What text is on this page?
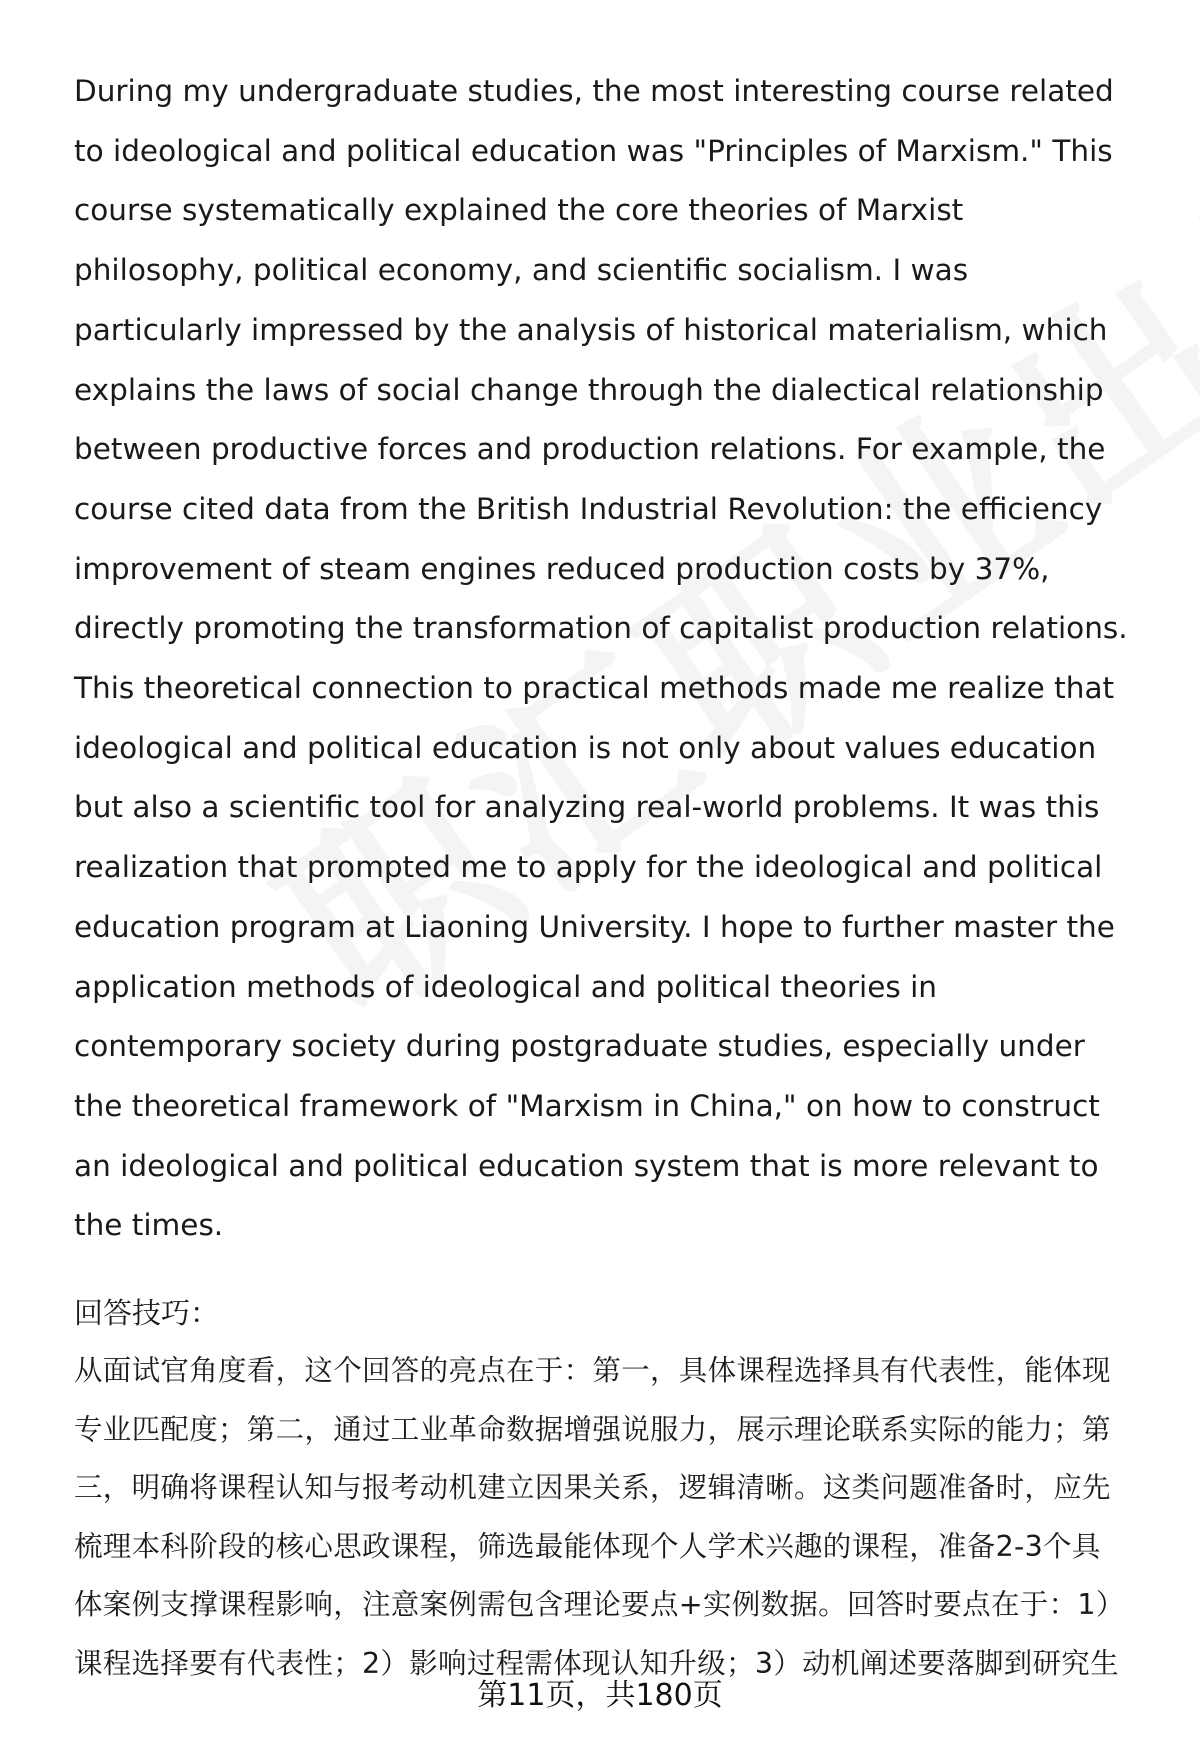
During my undergraduate studies, the most interesting course related to ideological and political education was "Principles of Marxism." This course systematically explained the core theories of Marxist philosophy, political economy, and scientific socialism. I was particularly impressed by the analysis of historical materialism, which explains the laws of social change through the dialectical relationship between productive forces and production relations. For example, the course cited data from the British Industrial Revolution: the efficiency improvement of steam engines reduced production costs by 37%, directly promoting the transformation of capitalist production relations. This theoretical connection to practical methods made me realize that ideological and political education is not only about values education but also a scientific tool for analyzing real-world problems. It was this realization that prompted me to apply for the ideological and political education program at Liaoning University. I hope to further master the application methods of ideological and political theories in contemporary society during postgraduate studies, especially under the theoretical framework of "Marxism in China," on how to construct an ideological and political education system that is more relevant to the times.

回答技巧：

从面试官角度看，这个回答的亮点在于：第一，具体课程选择具有代表性，能体现专业匹配度；第二，通过工业革命数据增强说服力，展示理论联系实际的能力；第三，明确将课程认知与报考动机建立因果关系，逻辑清晰。这类问题准备时，应先梳理本科阶段的核心思政课程，筛选最能体现个人学术兴趣的课程，准备2-3个具体案例支撑课程影响，注意案例需包含理论要点+实例数据。回答时要点在于：1）课程选择要有代表性；2）影响过程需体现认知升级；3）动机阐述要落脚到研究生

第11页，共180页
